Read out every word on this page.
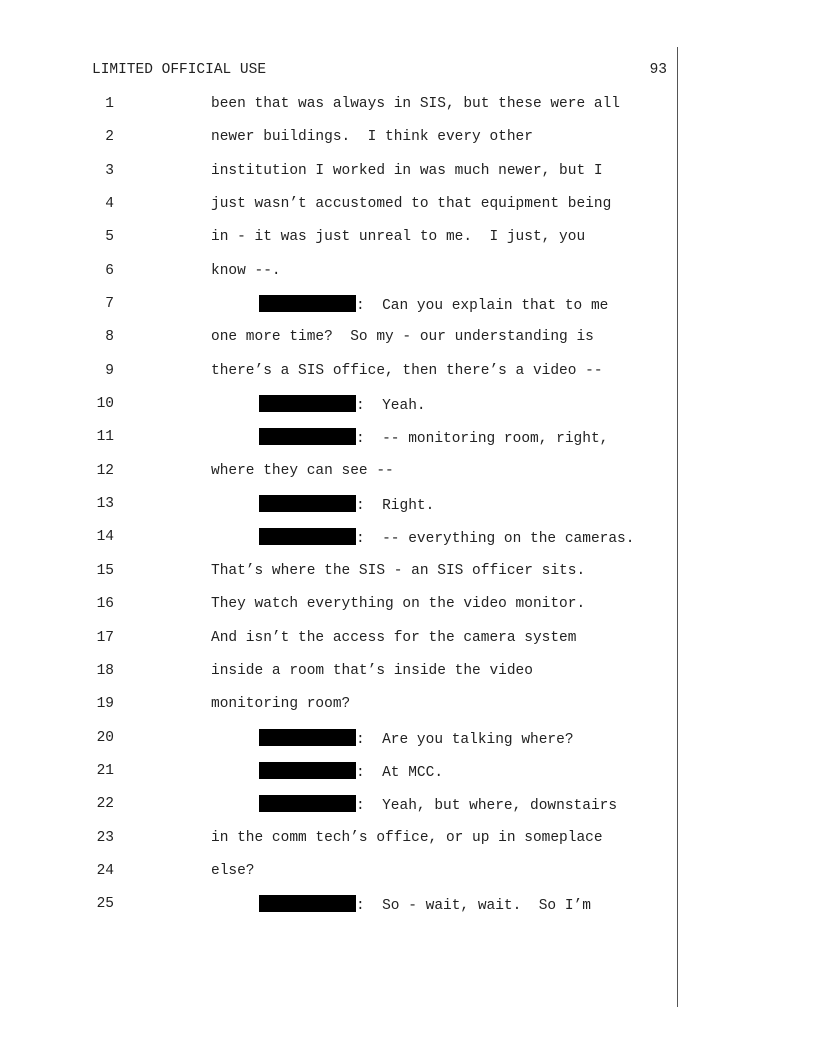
LIMITED OFFICIAL USE	93
1	been that was always in SIS, but these were all
2	newer buildings.  I think every other
3	institution I worked in was much newer, but I
4	just wasn’t accustomed to that equipment being
5	in - it was just unreal to me.  I just, you
6	know --.
7	:  Can you explain that to me
8	one more time?  So my - our understanding is
9	there’s a SIS office, then there’s a video --
10	:  Yeah.
11	:  -- monitoring room, right,
12	where they can see --
13	:  Right.
14	:  -- everything on the cameras.
15	That’s where the SIS - an SIS officer sits.
16	They watch everything on the video monitor.
17	And isn’t the access for the camera system
18	inside a room that’s inside the video
19	monitoring room?
20	:  Are you talking where?
21	:  At MCC.
22	:  Yeah, but where, downstairs
23	in the comm tech’s office, or up in someplace
24	else?
25	:  So - wait, wait.  So I’m
